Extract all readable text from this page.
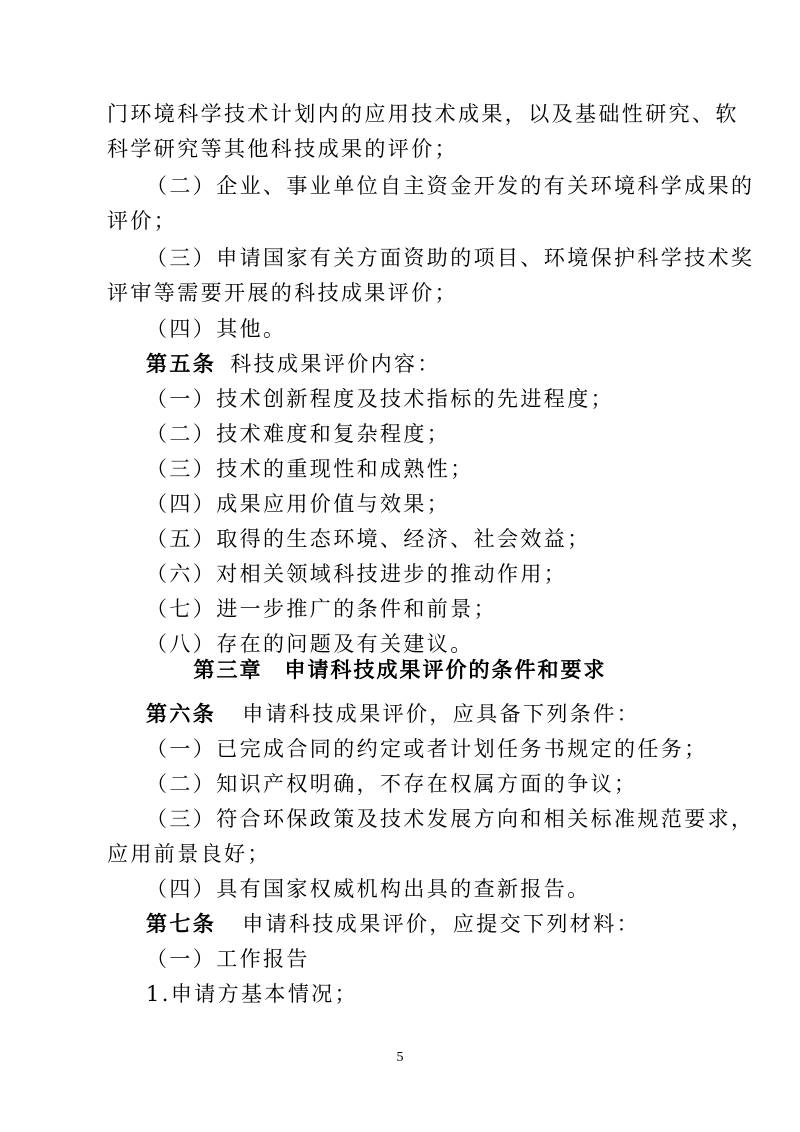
门环境科学技术计划内的应用技术成果，以及基础性研究、软
科学研究等其他科技成果的评价；
（二）企业、事业单位自主资金开发的有关环境科学成果的
评价；
（三）申请国家有关方面资助的项目、环境保护科学技术奖
评审等需要开展的科技成果评价；
（四）其他。
第五条 科技成果评价内容：
（一）技术创新程度及技术指标的先进程度；
（二）技术难度和复杂程度；
（三）技术的重现性和成熟性；
（四）成果应用价值与效果；
（五）取得的生态环境、经济、社会效益；
（六）对相关领域科技进步的推动作用；
（七）进一步推广的条件和前景；
（八）存在的问题及有关建议。
第三章 申请科技成果评价的条件和要求
第六条 申请科技成果评价，应具备下列条件：
（一）已完成合同的约定或者计划任务书规定的任务；
（二）知识产权明确，不存在权属方面的争议；
（三）符合环保政策及技术发展方向和相关标准规范要求，
应用前景良好；
（四）具有国家权威机构出具的查新报告。
第七条 申请科技成果评价，应提交下列材料：
（一）工作报告
1.申请方基本情况；
5
